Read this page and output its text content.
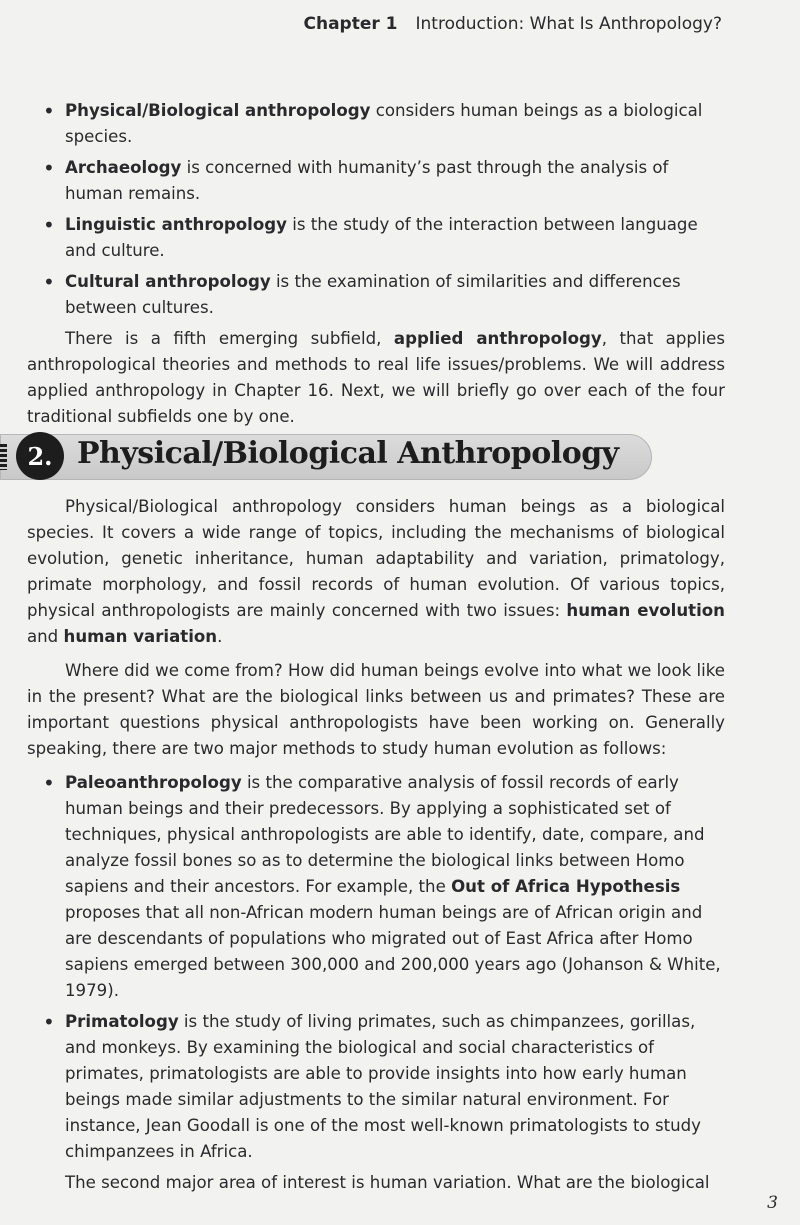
Chapter 1 Introduction: What Is Anthropology?
• Physical/Biological anthropology considers human beings as a biological species.
• Archaeology is concerned with humanity’s past through the analysis of human remains.
• Linguistic anthropology is the study of the interaction between language and culture.
• Cultural anthropology is the examination of similarities and differences between cultures.

There is a fifth emerging subfield, applied anthropology, that applies anthropological theories and methods to real life issues/problems. We will address applied anthropology in Chapter 16. Next, we will briefly go over each of the four traditional subfields one by one.

2. Physical/Biological Anthropology

Physical/Biological anthropology considers human beings as a biological species. It covers a wide range of topics, including the mechanisms of biological evolution, genetic inheritance, human adaptability and variation, primatology, primate morphology, and fossil records of human evolution. Of various topics, physical anthropologists are mainly concerned with two issues: human evolution and human variation.

Where did we come from? How did human beings evolve into what we look like in the present? What are the biological links between us and primates? These are important questions physical anthropologists have been working on. Generally speaking, there are two major methods to study human evolution as follows:

• Paleoanthropology is the comparative analysis of fossil records of early human beings and their predecessors. By applying a sophisticated set of techniques, physical anthropologists are able to identify, date, compare, and analyze fossil bones so as to determine the biological links between Homo sapiens and their ancestors. For example, the Out of Africa Hypothesis proposes that all non-African modern human beings are of African origin and are descendants of populations who migrated out of East Africa after Homo sapiens emerged between 300,000 and 200,000 years ago (Johanson & White, 1979).
• Primatology is the study of living primates, such as chimpanzees, gorillas, and monkeys. By examining the biological and social characteristics of primates, primatologists are able to provide insights into how early human beings made similar adjustments to the similar natural environment. For instance, Jean Goodall is one of the most well-known primatologists to study chimpanzees in Africa.

The second major area of interest is human variation. What are the biological

3
